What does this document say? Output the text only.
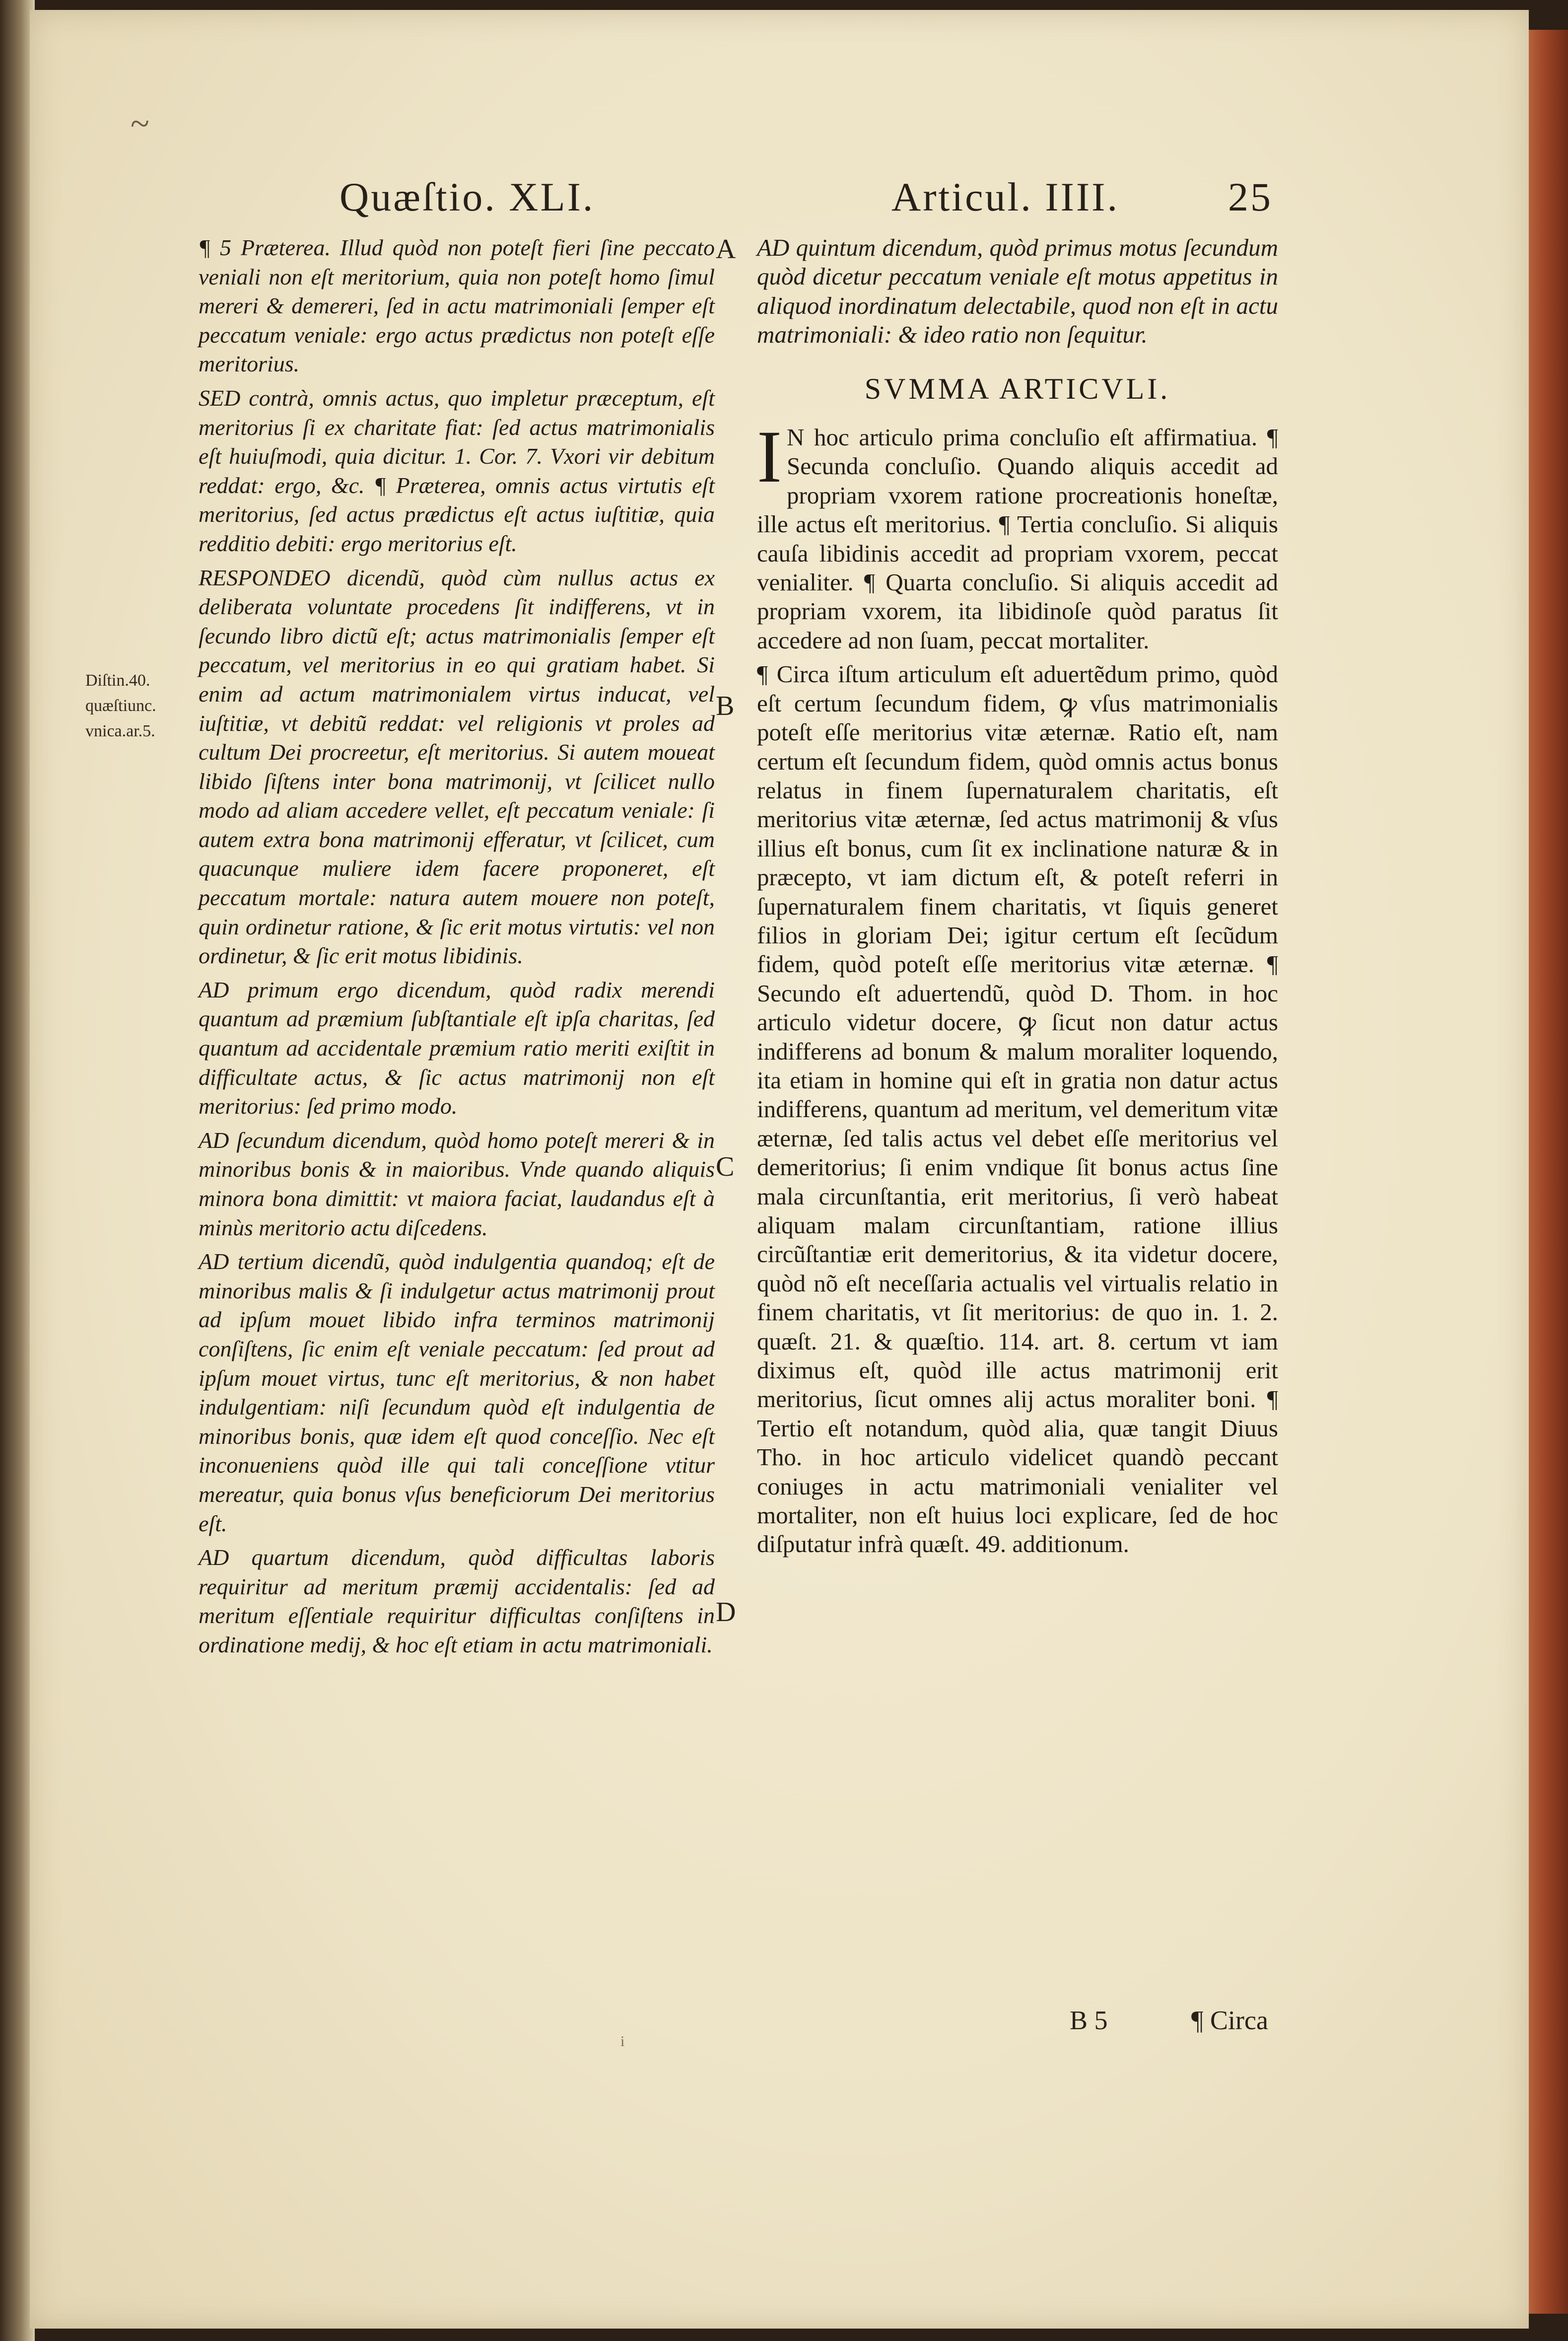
~
Quæſtio. XLI.	Articul. IIII.	25
Diſtin.40.
quæſtiunc.
vnica.ar.5.
A
B
C
D

¶ 5 Præterea. Illud quòd non poteſt fieri ſine peccato veniali non eſt meritorium, quia non poteſt homo ſimul mereri & demereri, ſed in actu matrimoniali ſemper eſt peccatum veniale: ergo actus prædictus non poteſt eſſe meritorius.

SED contrà, omnis actus, quo impletur præceptum, eſt meritorius ſi ex charitate fiat: ſed actus matrimonialis eſt huiuſmodi, quia dicitur. 1. Cor. 7. Vxori vir debitum reddat: ergo, &c. ¶ Præterea, omnis actus virtutis eſt meritorius, ſed actus prædictus eſt actus iuſtitiæ, quia redditio debiti: ergo meritorius eſt.

RESPONDEO dicendũ, quòd cùm nullus actus ex deliberata voluntate procedens ſit indifferens, vt in ſecundo libro dictũ eſt; actus matrimonialis ſemper eſt peccatum, vel meritorius in eo qui gratiam habet. Si enim ad actum matrimonialem virtus inducat, vel iuſtitiæ, vt debitũ reddat: vel religionis vt proles ad cultum Dei procreetur, eſt meritorius. Si autem moueat libido ſiſtens inter bona matrimonij, vt ſcilicet nullo modo ad aliam accedere vellet, eſt peccatum veniale: ſi autem extra bona matrimonij efferatur, vt ſcilicet, cum quacunque muliere idem facere proponeret, eſt peccatum mortale: natura autem mouere non poteſt, quin ordinetur ratione, & ſic erit motus virtutis: vel non ordinetur, & ſic erit motus libidinis.

AD primum ergo dicendum, quòd radix merendi quantum ad præmium ſubſtantiale eſt ipſa charitas, ſed quantum ad accidentale præmium ratio meriti exiſtit in difficultate actus, & ſic actus matrimonij non eſt meritorius: ſed primo modo.

AD ſecundum dicendum, quòd homo poteſt mereri & in minoribus bonis & in maioribus. Vnde quando aliquis minora bona dimittit: vt maiora faciat, laudandus eſt à minùs meritorio actu diſcedens.

AD tertium dicendũ, quòd indulgentia quandoq; eſt de minoribus malis & ſi indulgetur actus matrimonij prout ad ipſum mouet libido infra terminos matrimonij conſiſtens, ſic enim eſt veniale peccatum: ſed prout ad ipſum mouet virtus, tunc eſt meritorius, & non habet indulgentiam: niſi ſecundum quòd eſt indulgentia de minoribus bonis, quæ idem eſt quod conceſſio. Nec eſt inconueniens quòd ille qui tali conceſſione vtitur mereatur, quia bonus vſus beneficiorum Dei meritorius eſt.

AD quartum dicendum, quòd difficultas laboris requiritur ad meritum præmij accidentalis: ſed ad meritum eſſentiale requiritur difficultas conſiſtens in ordinatione medij, & hoc eſt etiam in actu matrimoniali.

AD quintum dicendum, quòd primus motus ſecundum quòd dicetur peccatum veniale eſt motus appetitus in aliquod inordinatum delectabile, quod non eſt in actu matrimoniali: & ideo ratio non ſequitur.

SVMMA ARTICVLI.

I N hoc articulo prima concluſio eſt affirmatiua. ¶ Secunda concluſio. Quando aliquis accedit ad propriam vxorem ratione procreationis honeſtæ, ille actus eſt meritorius. ¶ Tertia concluſio. Si aliquis cauſa libidinis accedit ad propriam vxorem, peccat venialiter. ¶ Quarta concluſio. Si aliquis accedit ad propriam vxorem, ita libidinoſe quòd paratus ſit accedere ad non ſuam, peccat mortaliter.

¶ Circa iſtum articulum eſt aduertẽdum primo, quòd eſt certum ſecundum fidem, ꝙ vſus matrimonialis poteſt eſſe meritorius vitæ æternæ. Ratio eſt, nam certum eſt ſecundum fidem, quòd omnis actus bonus relatus in finem ſupernaturalem charitatis, eſt meritorius vitæ æternæ, ſed actus matrimonij & vſus illius eſt bonus, cum ſit ex inclinatione naturæ & in præcepto, vt iam dictum eſt, & poteſt referri in ſupernaturalem finem charitatis, vt ſiquis generet filios in gloriam Dei; igitur certum eſt ſecũdum fidem, quòd poteſt eſſe meritorius vitæ æternæ. ¶ Secundo eſt aduertendũ, quòd D. Thom. in hoc articulo videtur docere, ꝙ ſicut non datur actus indifferens ad bonum & malum moraliter loquendo, ita etiam in homine qui eſt in gratia non datur actus indifferens, quantum ad meritum, vel demeritum vitæ æternæ, ſed talis actus vel debet eſſe meritorius vel demeritorius; ſi enim vndique ſit bonus actus ſine mala circunſtantia, erit meritorius, ſi verò habeat aliquam malam circunſtantiam, ratione illius circũſtantiæ erit demeritorius, & ita videtur docere, quòd nõ eſt neceſſaria actualis vel virtualis relatio in finem charitatis, vt ſit meritorius: de quo in. 1. 2. quæſt. 21. & quæſtio. 114. art. 8. certum vt iam diximus eſt, quòd ille actus matrimonij erit meritorius, ſicut omnes alij actus moraliter boni. ¶ Tertio eſt notandum, quòd alia, quæ tangit Diuus Tho. in hoc articulo videlicet quandò peccant coniuges in actu matrimoniali venialiter vel mortaliter, non eſt huius loci explicare, ſed de hoc diſputatur infrà quæſt. 49. additionum.

B 5	¶ Circa
i
